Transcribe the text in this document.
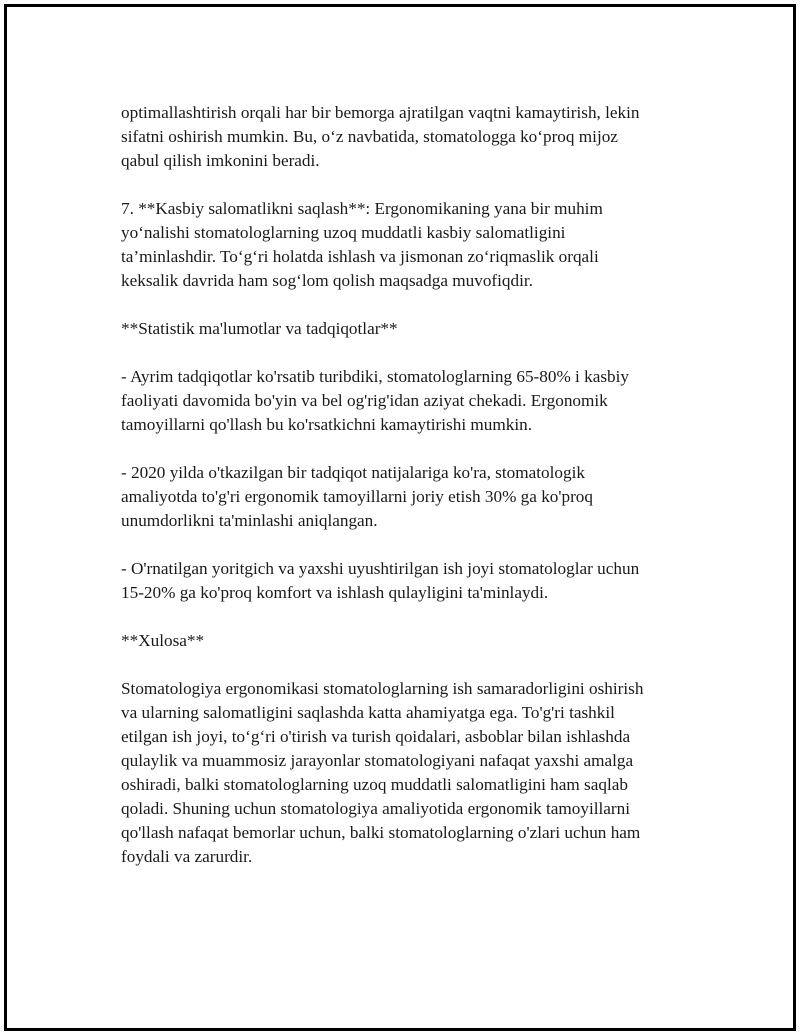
optimallashtirish orqali har bir bemorga ajratilgan vaqtni kamaytirish, lekin
sifatni oshirish mumkin. Bu, o‘z navbatida, stomatologga ko‘proq mijoz
qabul qilish imkonini beradi.

7. **Kasbiy salomatlikni saqlash**: Ergonomikaning yana bir muhim
yo‘nalishi stomatologlarning uzoq muddatli kasbiy salomatligini
ta’minlashdir. To‘g‘ri holatda ishlash va jismonan zo‘riqmaslik orqali
keksalik davrida ham sog‘lom qolish maqsadga muvofiqdir.

**Statistik ma'lumotlar va tadqiqotlar**

- Ayrim tadqiqotlar ko'rsatib turibdiki, stomatologlarning 65-80% i kasbiy
faoliyati davomida bo'yin va bel og'rig'idan aziyat chekadi. Ergonomik
tamoyillarni qo'llash bu ko'rsatkichni kamaytirishi mumkin.

- 2020 yilda o'tkazilgan bir tadqiqot natijalariga ko'ra, stomatologik
amaliyotda to'g'ri ergonomik tamoyillarni joriy etish 30% ga ko'proq
unumdorlikni ta'minlashi aniqlangan.

- O'rnatilgan yoritgich va yaxshi uyushtirilgan ish joyi stomatologlar uchun
15-20% ga ko'proq komfort va ishlash qulayligini ta'minlaydi.

**Xulosa**

Stomatologiya ergonomikasi stomatologlarning ish samaradorligini oshirish
va ularning salomatligini saqlashda katta ahamiyatga ega. To'g'ri tashkil
etilgan ish joyi, to‘g‘ri o'tirish va turish qoidalari, asboblar bilan ishlashda
qulaylik va muammosiz jarayonlar stomatologiyani nafaqat yaxshi amalga
oshiradi, balki stomatologlarning uzoq muddatli salomatligini ham saqlab
qoladi. Shuning uchun stomatologiya amaliyotida ergonomik tamoyillarni
qo'llash nafaqat bemorlar uchun, balki stomatologlarning o'zlari uchun ham
foydali va zarurdir.
